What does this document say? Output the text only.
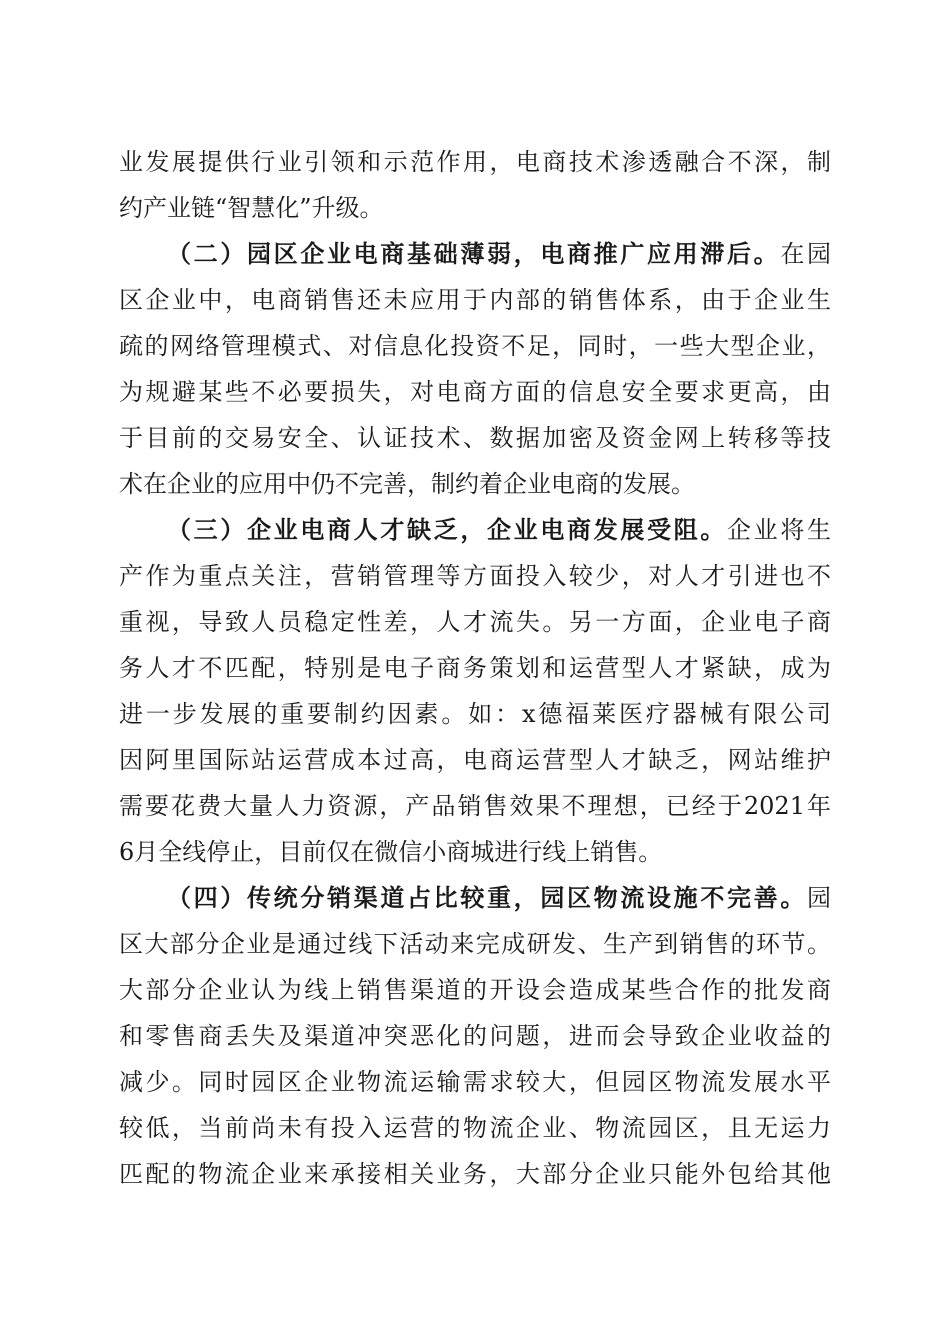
业发展提供行业引领和示范作用，电商技术渗透融合不深，制
约产业链“智慧化”升级。
（二）园区企业电商基础薄弱，电商推广应用滞后。在园
区企业中，电商销售还未应用于内部的销售体系，由于企业生
疏的网络管理模式、对信息化投资不足，同时，一些大型企业，
为规避某些不必要损失，对电商方面的信息安全要求更高，由
于目前的交易安全、认证技术、数据加密及资金网上转移等技
术在企业的应用中仍不完善，制约着企业电商的发展。
（三）企业电商人才缺乏，企业电商发展受阻。企业将生
产作为重点关注，营销管理等方面投入较少，对人才引进也不
重视，导致人员稳定性差，人才流失。另一方面，企业电子商
务人才不匹配，特别是电子商务策划和运营型人才紧缺，成为
进一步发展的重要制约因素。如：x德福莱医疗器械有限公司
因阿里国际站运营成本过高，电商运营型人才缺乏，网站维护
需要花费大量人力资源，产品销售效果不理想，已经于2021年
6月全线停止，目前仅在微信小商城进行线上销售。
（四）传统分销渠道占比较重，园区物流设施不完善。园
区大部分企业是通过线下活动来完成研发、生产到销售的环节。
大部分企业认为线上销售渠道的开设会造成某些合作的批发商
和零售商丢失及渠道冲突恶化的问题，进而会导致企业收益的
减少。同时园区企业物流运输需求较大，但园区物流发展水平
较低，当前尚未有投入运营的物流企业、物流园区，且无运力
匹配的物流企业来承接相关业务，大部分企业只能外包给其他
